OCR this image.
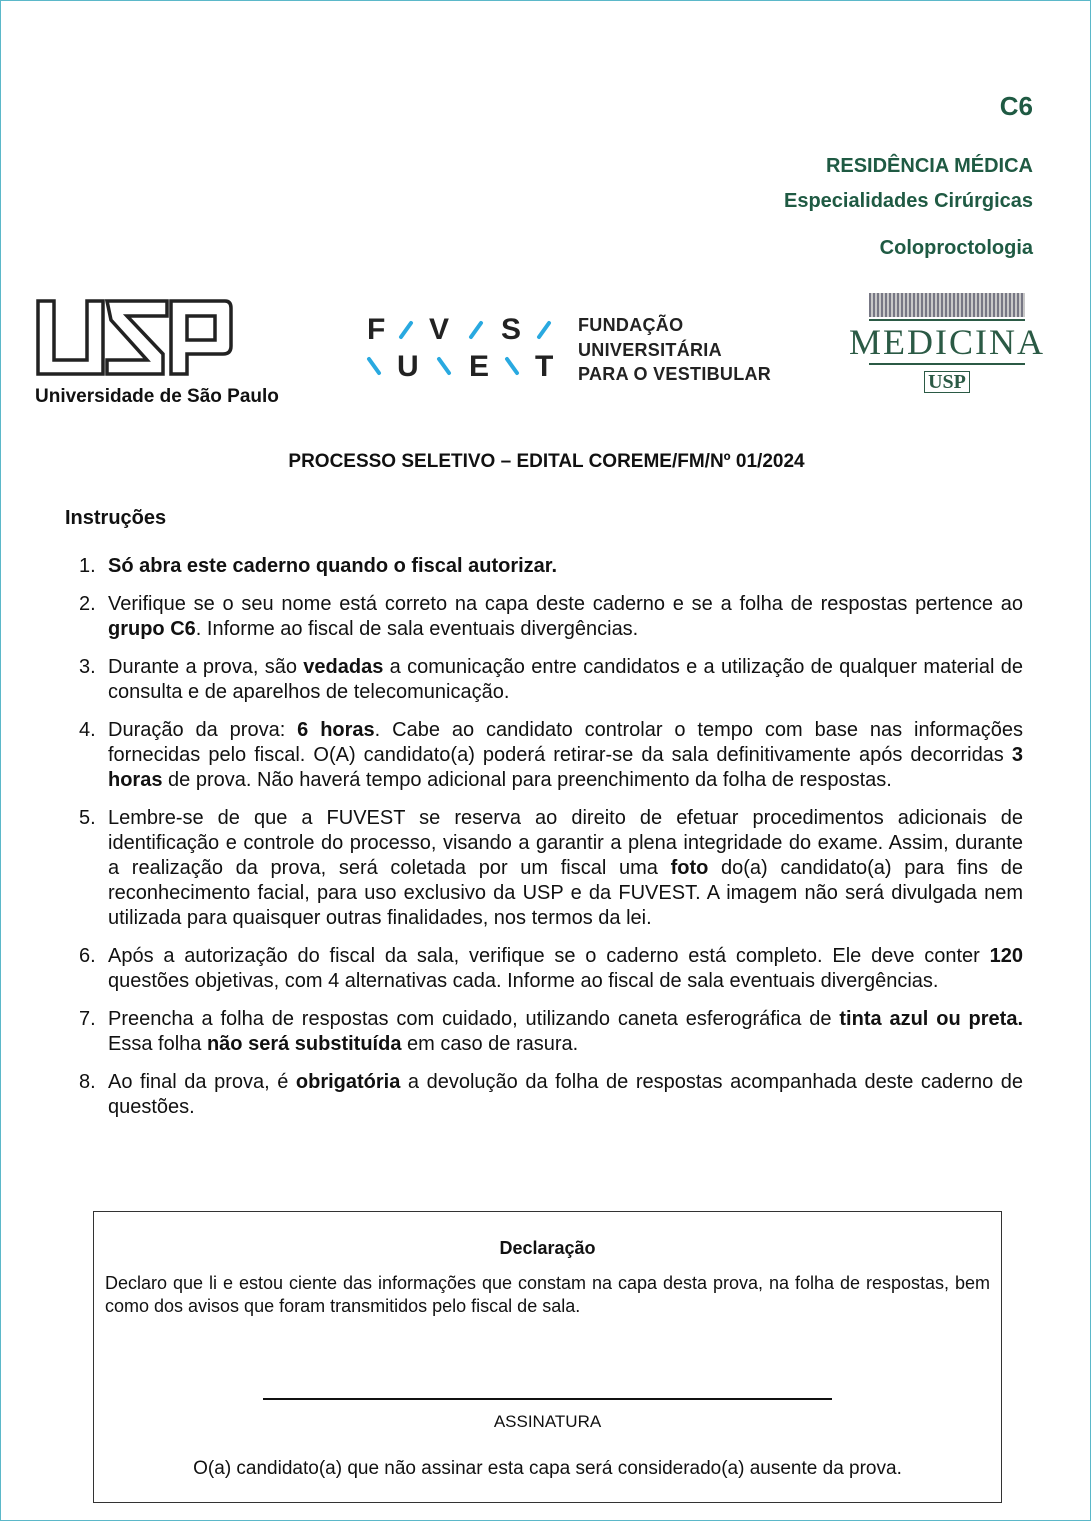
C6
RESIDÊNCIA MÉDICA
Especialidades Cirúrgicas
Coloproctologia
Universidade de São Paulo
F V S
U E T
FUNDAÇÃO
UNIVERSITÁRIA
PARA O VESTIBULAR
MEDICINA
USP
PROCESSO SELETIVO – EDITAL COREME/FM/Nº 01/2024
Instruções
1. Só abra este caderno quando o fiscal autorizar.
2. Verifique se o seu nome está correto na capa deste caderno e se a folha de respostas pertence ao grupo C6. Informe ao fiscal de sala eventuais divergências.
3. Durante a prova, são vedadas a comunicação entre candidatos e a utilização de qualquer material de consulta e de aparelhos de telecomunicação.
4. Duração da prova: 6 horas. Cabe ao candidato controlar o tempo com base nas informações fornecidas pelo fiscal. O(A) candidato(a) poderá retirar-se da sala definitivamente após decorridas 3 horas de prova. Não haverá tempo adicional para preenchimento da folha de respostas.
5. Lembre-se de que a FUVEST se reserva ao direito de efetuar procedimentos adicionais de identificação e controle do processo, visando a garantir a plena integridade do exame. Assim, durante a realização da prova, será coletada por um fiscal uma foto do(a) candidato(a) para fins de reconhecimento facial, para uso exclusivo da USP e da FUVEST. A imagem não será divulgada nem utilizada para quaisquer outras finalidades, nos termos da lei.
6. Após a autorização do fiscal da sala, verifique se o caderno está completo. Ele deve conter 120 questões objetivas, com 4 alternativas cada. Informe ao fiscal de sala eventuais divergências.
7. Preencha a folha de respostas com cuidado, utilizando caneta esferográfica de tinta azul ou preta. Essa folha não será substituída em caso de rasura.
8. Ao final da prova, é obrigatória a devolução da folha de respostas acompanhada deste caderno de questões.
Declaração
Declaro que li e estou ciente das informações que constam na capa desta prova, na folha de respostas, bem como dos avisos que foram transmitidos pelo fiscal de sala.
ASSINATURA
O(a) candidato(a) que não assinar esta capa será considerado(a) ausente da prova.
